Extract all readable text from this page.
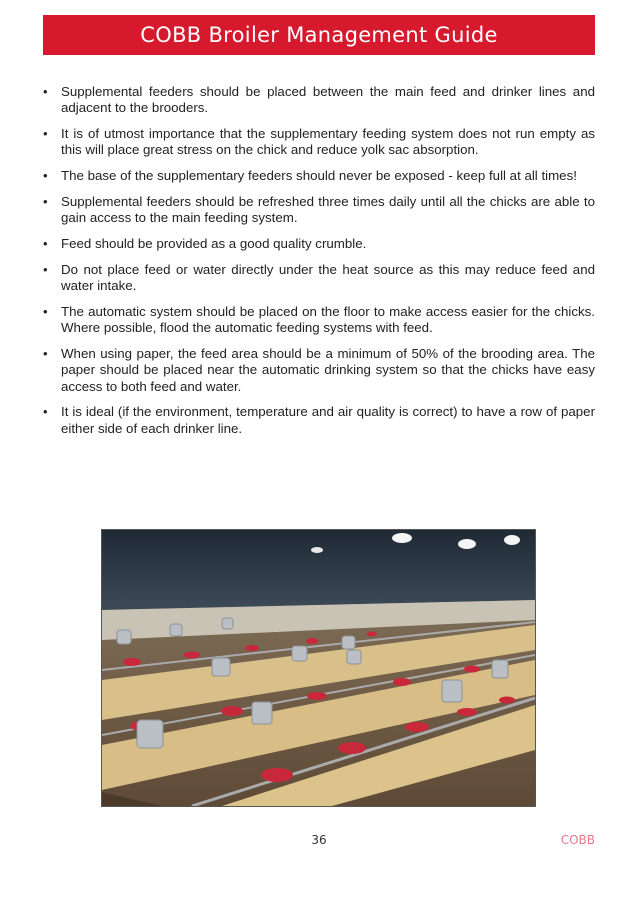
COBB Broiler Management Guide
• Supplemental feeders should be placed between the main feed and drinker lines and adjacent to the brooders.
• It is of utmost importance that the supplementary feeding system does not run empty as this will place great stress on the chick and reduce yolk sac absorption.
• The base of the supplementary feeders should never be exposed - keep full at all times!
• Supplemental feeders should be refreshed three times daily until all the chicks are able to gain access to the main feeding system.
• Feed should be provided as a good quality crumble.
• Do not place feed or water directly under the heat source as this may reduce feed and water intake.
• The automatic system should be placed on the floor to make access easier for the chicks. Where possible, flood the automatic feeding systems with feed.
• When using paper, the feed area should be a minimum of 50% of the brooding area. The paper should be placed near the automatic drinking system so that the chicks have easy access to both feed and water.
• It is ideal (if the environment, temperature and air quality is correct) to have a row of paper either side of each drinker line.
36	COBB
